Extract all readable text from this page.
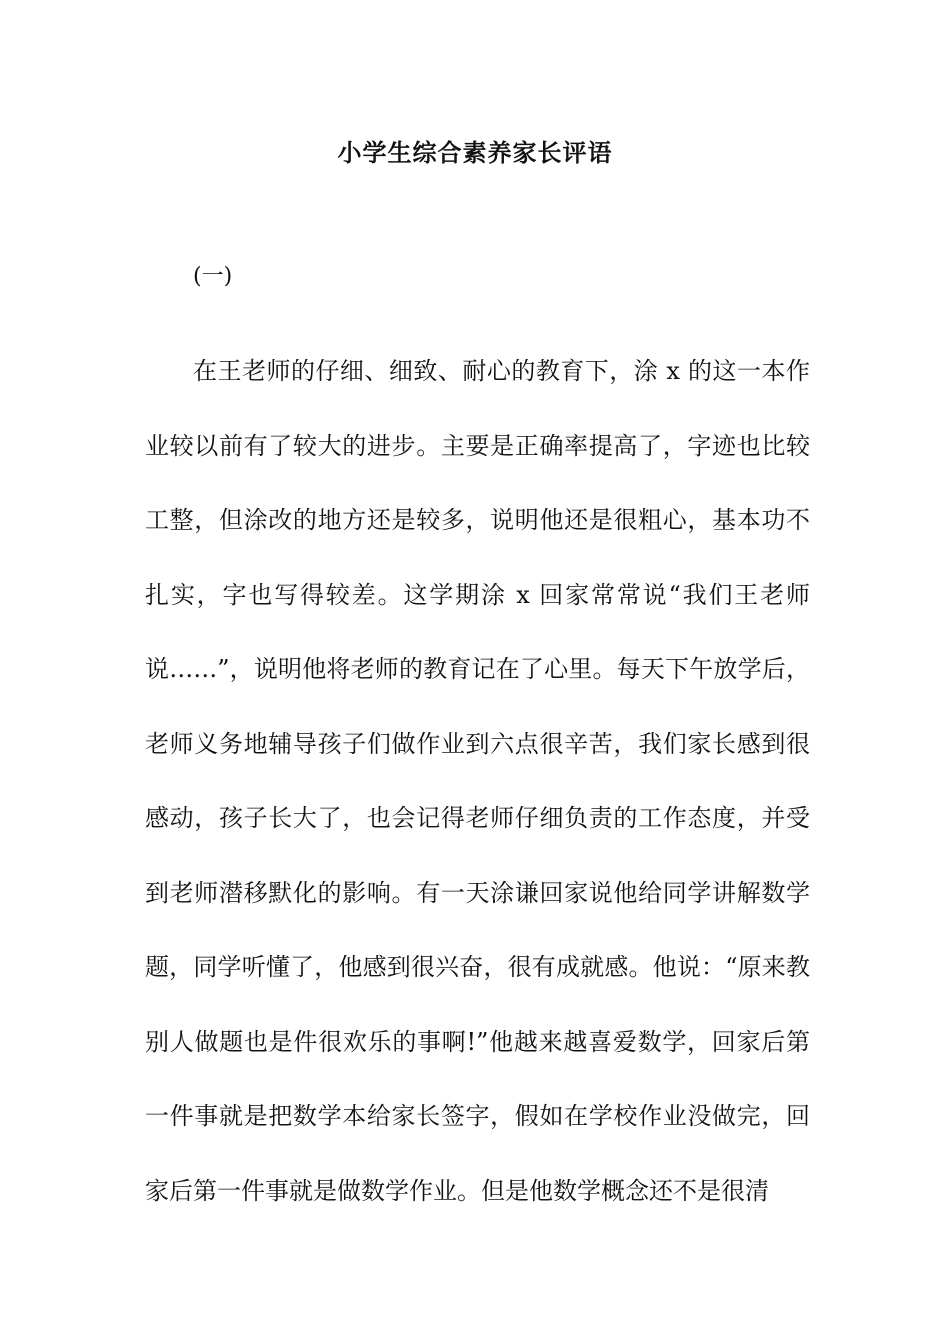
小学生综合素养家长评语
(一)

在王老师的仔细、细致、耐心的教育下，涂 x 的这一本作业较以前有了较大的进步。主要是正确率提高了，字迹也比较工整，但涂改的地方还是较多，说明他还是很粗心，基本功不扎实，字也写得较差。这学期涂 x 回家常常说“我们王老师说……”，说明他将老师的教育记在了心里。每天下午放学后，老师义务地辅导孩子们做作业到六点很辛苦，我们家长感到很感动，孩子长大了，也会记得老师仔细负责的工作态度，并受到老师潜移默化的影响。有一天涂谦回家说他给同学讲解数学题，同学听懂了，他感到很兴奋，很有成就感。他说：“原来教别人做题也是件很欢乐的事啊!”他越来越喜爱数学，回家后第一件事就是把数学本给家长签字，假如在学校作业没做完，回家后第一件事就是做数学作业。但是他数学概念还不是很清
